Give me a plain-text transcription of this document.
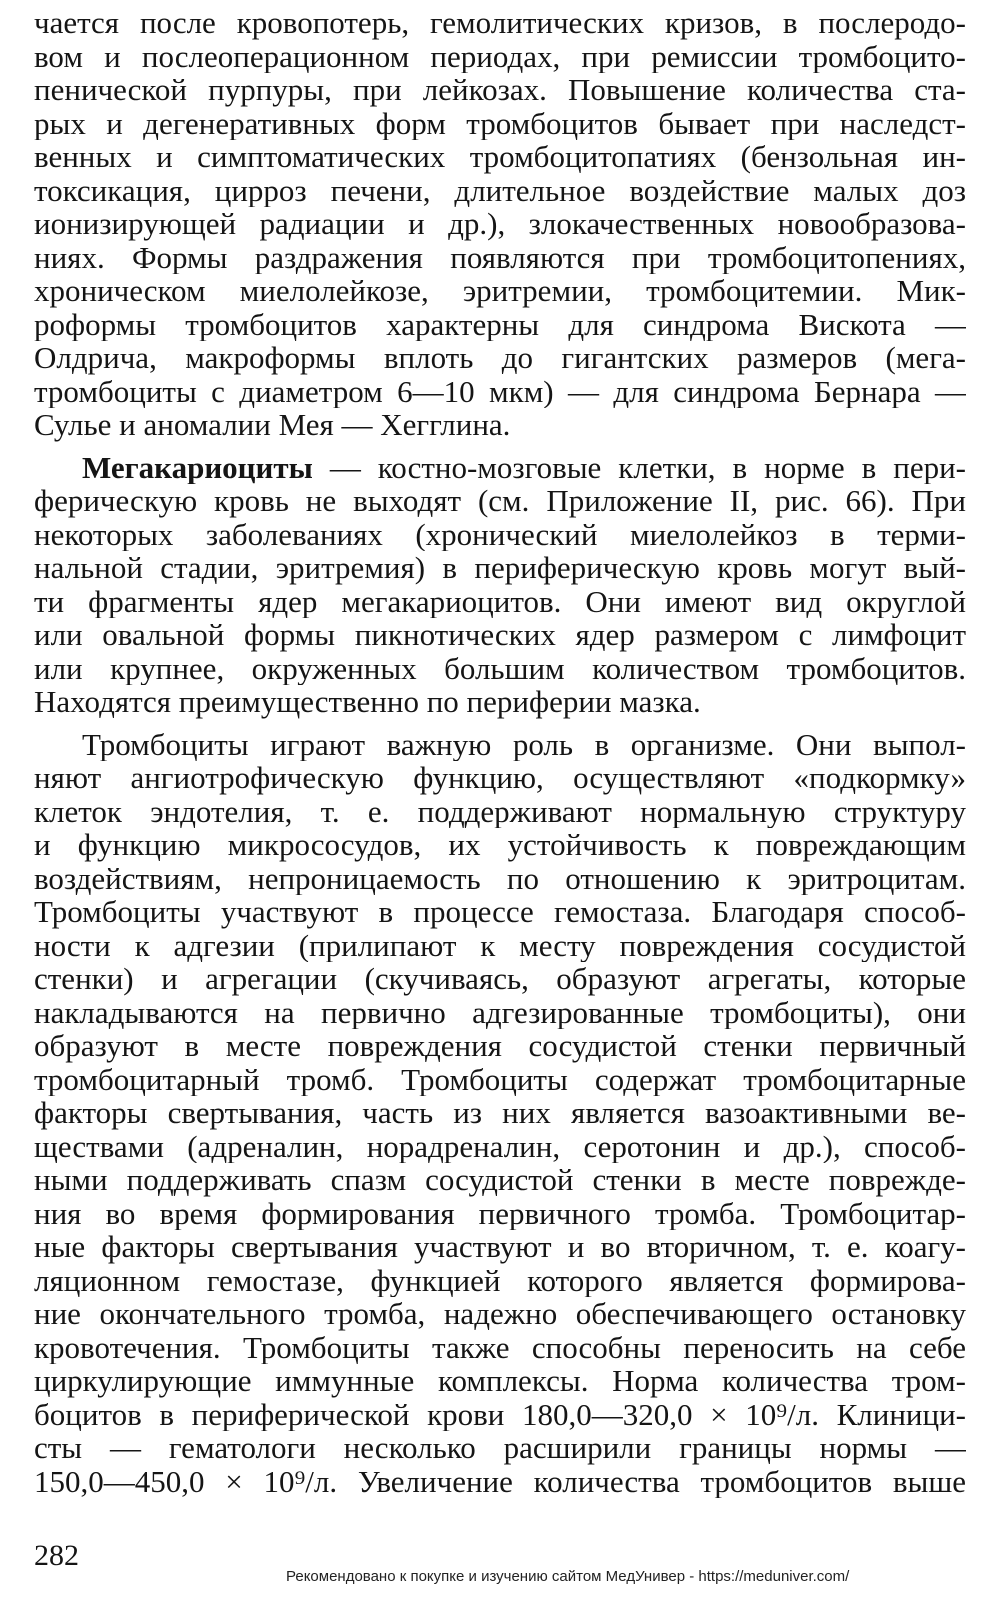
чается после кровопотерь, гемолитических кризов, в послеродо-
вом и послеоперационном периодах, при ремиссии тромбоцито-
пенической пурпуры, при лейкозах. Повышение количества ста-
рых и дегенеративных форм тромбоцитов бывает при наследст-
венных и симптоматических тромбоцитопатиях (бензольная ин-
токсикация, цирроз печени, длительное воздействие малых доз
ионизирующей радиации и др.), злокачественных новообразова-
ниях. Формы раздражения появляются при тромбоцитопениях,
хроническом миелолейкозе, эритремии, тромбоцитемии. Мик-
роформы тромбоцитов характерны для синдрома Вискота —
Олдрича, макроформы вплоть до гигантских размеров (мега-
тромбоциты с диаметром 6—10 мкм) — для синдрома Бернара —
Сулье и аномалии Мея — Хегглина.
Мегакариоциты — костно-мозговые клетки, в норме в пери-
ферическую кровь не выходят (см. Приложение II, рис. 66). При
некоторых заболеваниях (хронический миелолейкоз в терми-
нальной стадии, эритремия) в периферическую кровь могут вый-
ти фрагменты ядер мегакариоцитов. Они имеют вид округлой
или овальной формы пикнотических ядер размером с лимфоцит
или крупнее, окруженных большим количеством тромбоцитов.
Находятся преимущественно по периферии мазка.
Тромбоциты играют важную роль в организме. Они выпол-
няют ангиотрофическую функцию, осуществляют «подкормку»
клеток эндотелия, т. е. поддерживают нормальную структуру
и функцию микрососудов, их устойчивость к повреждающим
воздействиям, непроницаемость по отношению к эритроцитам.
Тромбоциты участвуют в процессе гемостаза. Благодаря способ-
ности к адгезии (прилипают к месту повреждения сосудистой
стенки) и агрегации (скучиваясь, образуют агрегаты, которые
накладываются на первично адгезированные тромбоциты), они
образуют в месте повреждения сосудистой стенки первичный
тромбоцитарный тромб. Тромбоциты содержат тромбоцитарные
факторы свертывания, часть из них является вазоактивными ве-
ществами (адреналин, норадреналин, серотонин и др.), способ-
ными поддерживать спазм сосудистой стенки в месте поврежде-
ния во время формирования первичного тромба. Тромбоцитар-
ные факторы свертывания участвуют и во вторичном, т. е. коагу-
ляционном гемостазе, функцией которого является формирова-
ние окончательного тромба, надежно обеспечивающего остановку
кровотечения. Тромбоциты также способны переносить на себе
циркулирующие иммунные комплексы. Норма количества тром-
боцитов в периферической крови 180,0—320,0 × 10⁹/л. Клиници-
сты — гематологи несколько расширили границы нормы —
150,0—450,0 × 10⁹/л. Увеличение количества тромбоцитов выше
282
Рекомендовано к покупке и изучению сайтом МедУнивер - https://meduniver.com/
